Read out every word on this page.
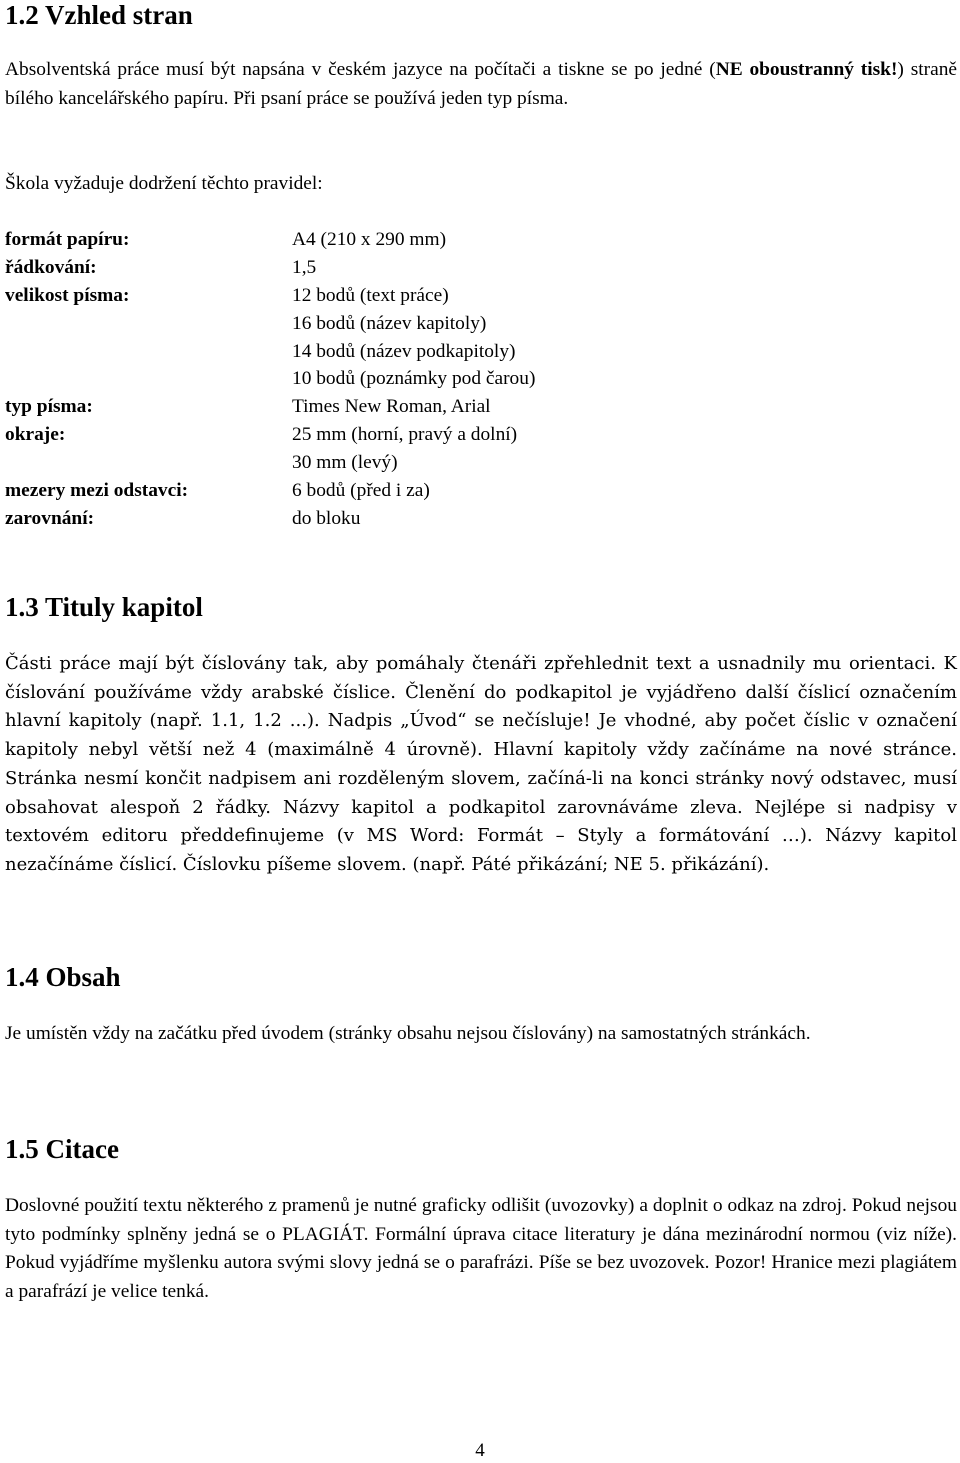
1.2 Vzhled stran

Absolventská práce musí být napsána v českém jazyce na počítači a tiskne se po jedné (NE oboustranný tisk!) straně bílého kancelářského papíru. Při psaní práce se používá jeden typ písma.

Škola vyžaduje dodržení těchto pravidel:

formát papíru:	A4 (210 x 290 mm)
řádkování:	1,5
velikost písma:	12 bodů (text práce)
16 bodů (název kapitoly)
14 bodů (název podkapitoly)
10 bodů (poznámky pod čarou)
typ písma:	Times New Roman, Arial
okraje:	25 mm (horní, pravý a dolní)
30 mm (levý)
mezery mezi odstavci:	6 bodů (před i za)
zarovnání:	do bloku
1.3 Tituly kapitol

Části práce mají být číslovány tak, aby pomáhaly čtenáři zpřehlednit text a usnadnily mu orientaci. K číslování používáme vždy arabské číslice. Členění do podkapitol je vyjádřeno další číslicí označením hlavní kapitoly (např. 1.1, 1.2 ...). Nadpis „Úvod“ se nečísluje! Je vhodné, aby počet číslic v označení kapitoly nebyl větší než 4 (maximálně 4 úrovně). Hlavní kapitoly vždy začínáme na nové stránce. Stránka nesmí končit nadpisem ani rozděleným slovem, začíná-li na konci stránky nový odstavec, musí obsahovat alespoň 2 řádky. Názvy kapitol a podkapitol zarovnáváme zleva. Nejlépe si nadpisy v textovém editoru předdefinujeme (v MS Word: Formát – Styly a formátování …). Názvy kapitol nezačínáme číslicí. Číslovku píšeme slovem. (např. Páté přikázání; NE 5. přikázání).

1.4 Obsah

Je umístěn vždy na začátku před úvodem (stránky obsahu nejsou číslovány) na samostatných stránkách.

1.5 Citace

Doslovné použití textu některého z pramenů je nutné graficky odlišit (uvozovky) a doplnit o odkaz na zdroj. Pokud nejsou tyto podmínky splněny jedná se o PLAGIÁT. Formální úprava citace literatury je dána mezinárodní normou (viz níže). Pokud vyjádříme myšlenku autora svými slovy jedná se o parafrázi. Píše se bez uvozovek. Pozor! Hranice mezi plagiátem a parafrází je velice tenká.

4
